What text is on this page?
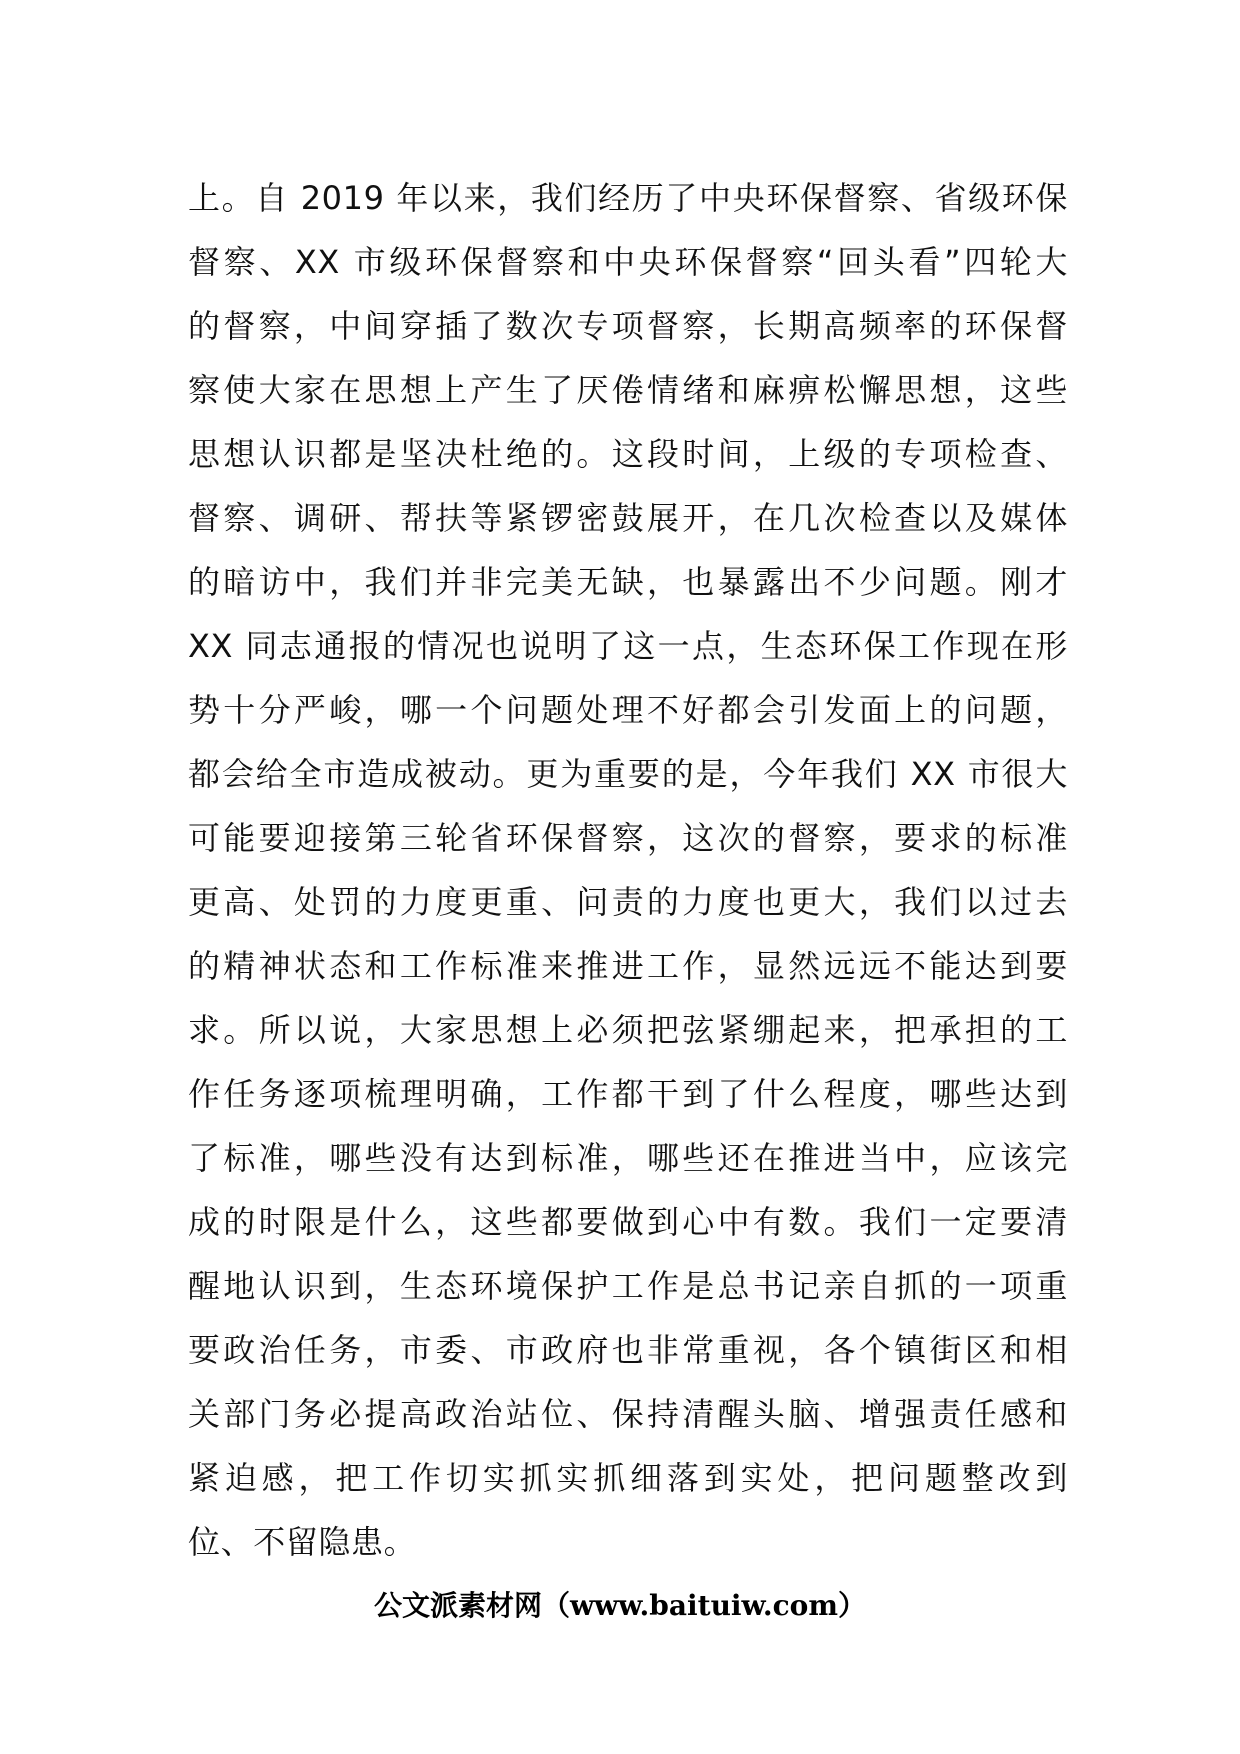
上。自 2019 年以来，我们经历了中央环保督察、省级环保
督察、XX 市级环保督察和中央环保督察“回头看”四轮大
的督察，中间穿插了数次专项督察，长期高频率的环保督
察使大家在思想上产生了厌倦情绪和麻痹松懈思想，这些
思想认识都是坚决杜绝的。这段时间，上级的专项检查、
督察、调研、帮扶等紧锣密鼓展开，在几次检查以及媒体
的暗访中，我们并非完美无缺，也暴露出不少问题。刚才
XX 同志通报的情况也说明了这一点，生态环保工作现在形
势十分严峻，哪一个问题处理不好都会引发面上的问题，
都会给全市造成被动。更为重要的是，今年我们 XX 市很大
可能要迎接第三轮省环保督察，这次的督察，要求的标准
更高、处罚的力度更重、问责的力度也更大，我们以过去
的精神状态和工作标准来推进工作，显然远远不能达到要
求。所以说，大家思想上必须把弦紧绷起来，把承担的工
作任务逐项梳理明确，工作都干到了什么程度，哪些达到
了标准，哪些没有达到标准，哪些还在推进当中，应该完
成的时限是什么，这些都要做到心中有数。我们一定要清
醒地认识到，生态环境保护工作是总书记亲自抓的一项重
要政治任务，市委、市政府也非常重视，各个镇街区和相
关部门务必提高政治站位、保持清醒头脑、增强责任感和
紧迫感，把工作切实抓实抓细落到实处，把问题整改到
位、不留隐患。
公文派素材网（www.baituiw.com）
